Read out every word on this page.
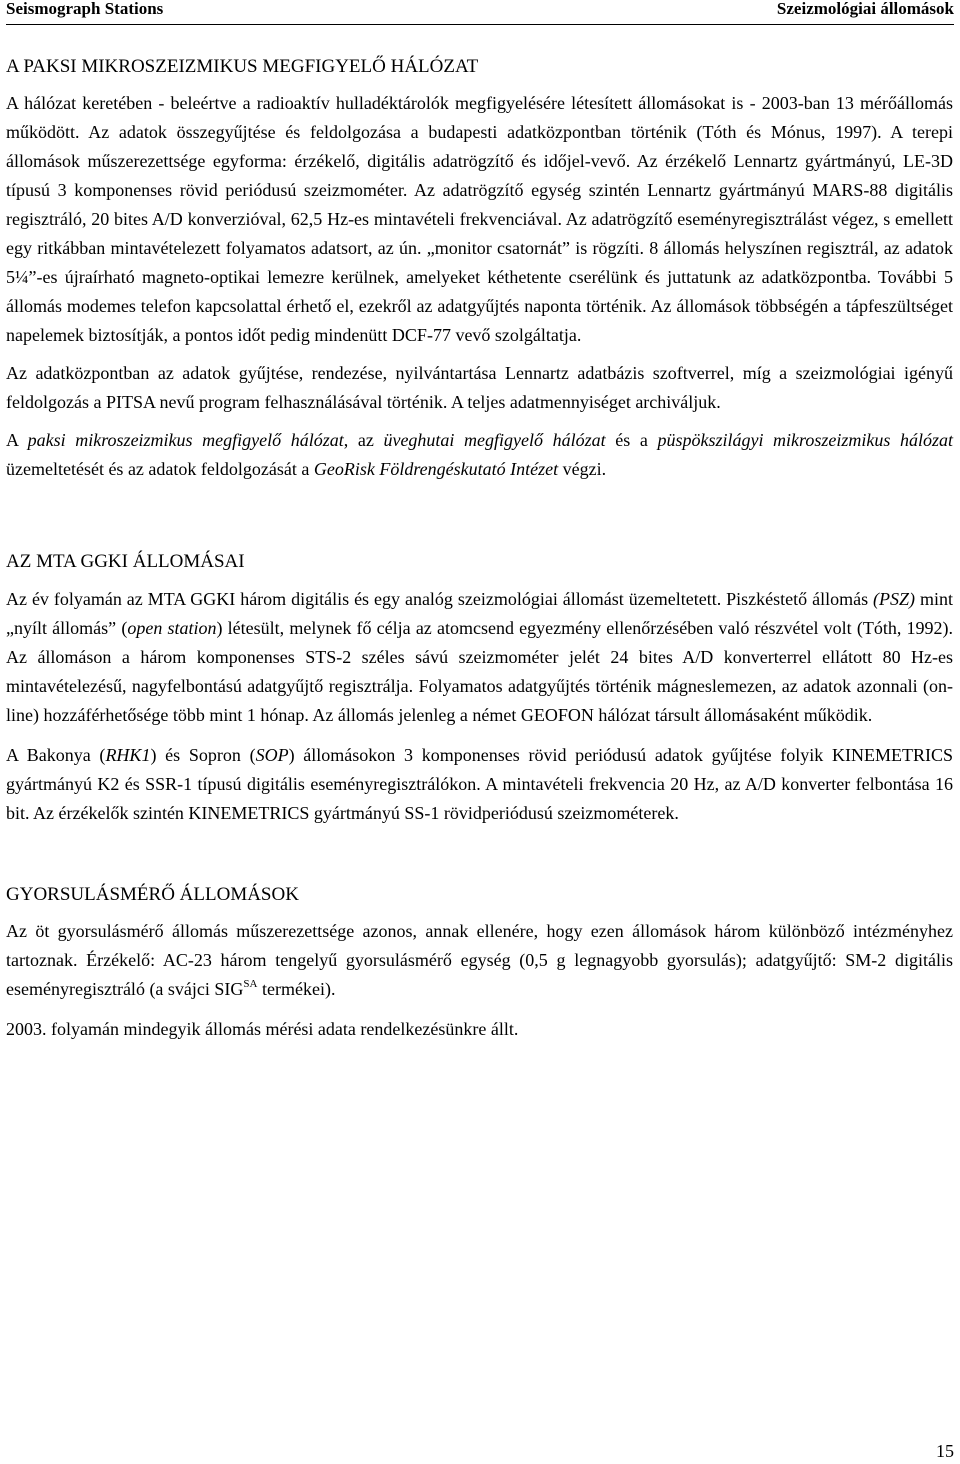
Seismograph Stations	Szeizmológiai állomások
A PAKSI MIKROSZEIZMIKUS MEGFIGYELŐ HÁLÓZAT

A hálózat keretében - beleértve a radioaktív hulladéktárolók megfigyelésére létesített állomásokat is - 2003-ban 13 mérőállomás működött. Az adatok összegyűjtése és feldolgozása a budapesti adatközpontban történik (Tóth és Mónus, 1997). A terepi állomások műszerezettsége egyforma: érzékelő, digitális adatrögzítő és időjel-vevő. Az érzékelő Lennartz gyártmányú, LE-3D típusú 3 komponenses rövid periódusú szeizmométer. Az adatrögzítő egység szintén Lennartz gyártmányú MARS-88 digitális regisztráló, 20 bites A/D konverzióval, 62,5 Hz-es mintavételi frekvenciával. Az adatrögzítő eseményregisztrálást végez, s emellett egy ritkábban mintavételezett folyamatos adatsort, az ún. „monitor csatornát” is rögzíti. 8 állomás helyszínen regisztrál, az adatok 5¼”-es újraírható magneto-optikai lemezre kerülnek, amelyeket kéthetente cserélünk és juttatunk az adatközpontba. További 5 állomás modemes telefon kapcsolattal érhető el, ezekről az adatgyűjtés naponta történik. Az állomások többségén a tápfeszültséget napelemek biztosítják, a pontos időt pedig mindenütt DCF-77 vevő szolgáltatja.

Az adatközpontban az adatok gyűjtése, rendezése, nyilvántartása Lennartz adatbázis szoftverrel, míg a szeizmológiai igényű feldolgozás a PITSA nevű program felhasználásával történik. A teljes adatmennyiséget archiváljuk.

A paksi mikroszeizmikus megfigyelő hálózat, az üveghutai megfigyelő hálózat és a püspökszilágyi mikroszeizmikus hálózat üzemeltetését és az adatok feldolgozását a GeoRisk Földrengéskutató Intézet végzi.

AZ MTA GGKI ÁLLOMÁSAI

Az év folyamán az MTA GGKI három digitális és egy analóg szeizmológiai állomást üzemeltetett. Piszkéstető állomás (PSZ) mint „nyílt állomás” (open station) létesült, melynek fő célja az atomcsend egyezmény ellenőrzésében való részvétel volt (Tóth, 1992). Az állomáson a három komponenses STS-2 széles sávú szeizmométer jelét 24 bites A/D konverterrel ellátott 80 Hz-es mintavételezésű, nagyfelbontású adatgyűjtő regisztrálja. Folyamatos adatgyűjtés történik mágneslemezen, az adatok azonnali (on-line) hozzáférhetősége több mint 1 hónap. Az állomás jelenleg a német GEOFON hálózat társult állomásaként működik.

A Bakonya (RHK1) és Sopron (SOP) állomásokon 3 komponenses rövid periódusú adatok gyűjtése folyik KINEMETRICS gyártmányú K2 és SSR-1 típusú digitális eseményregisztrálókon. A mintavételi frekvencia 20 Hz, az A/D konverter felbontása 16 bit. Az érzékelők szintén KINEMETRICS gyártmányú SS-1 rövidperiódusú szeizmométerek.

GYORSULÁSMÉRŐ ÁLLOMÁSOK

Az öt gyorsulásmérő állomás műszerezettsége azonos, annak ellenére, hogy ezen állomások három különböző intézményhez tartoznak. Érzékelő: AC-23 három tengelyű gyorsulásmérő egység (0,5 g legnagyobb gyorsulás); adatgyűjtő: SM-2 digitális eseményregisztráló (a svájci $SIG^{SA}$ termékei).

2003. folyamán mindegyik állomás mérési adata rendelkezésünkre állt.

15
